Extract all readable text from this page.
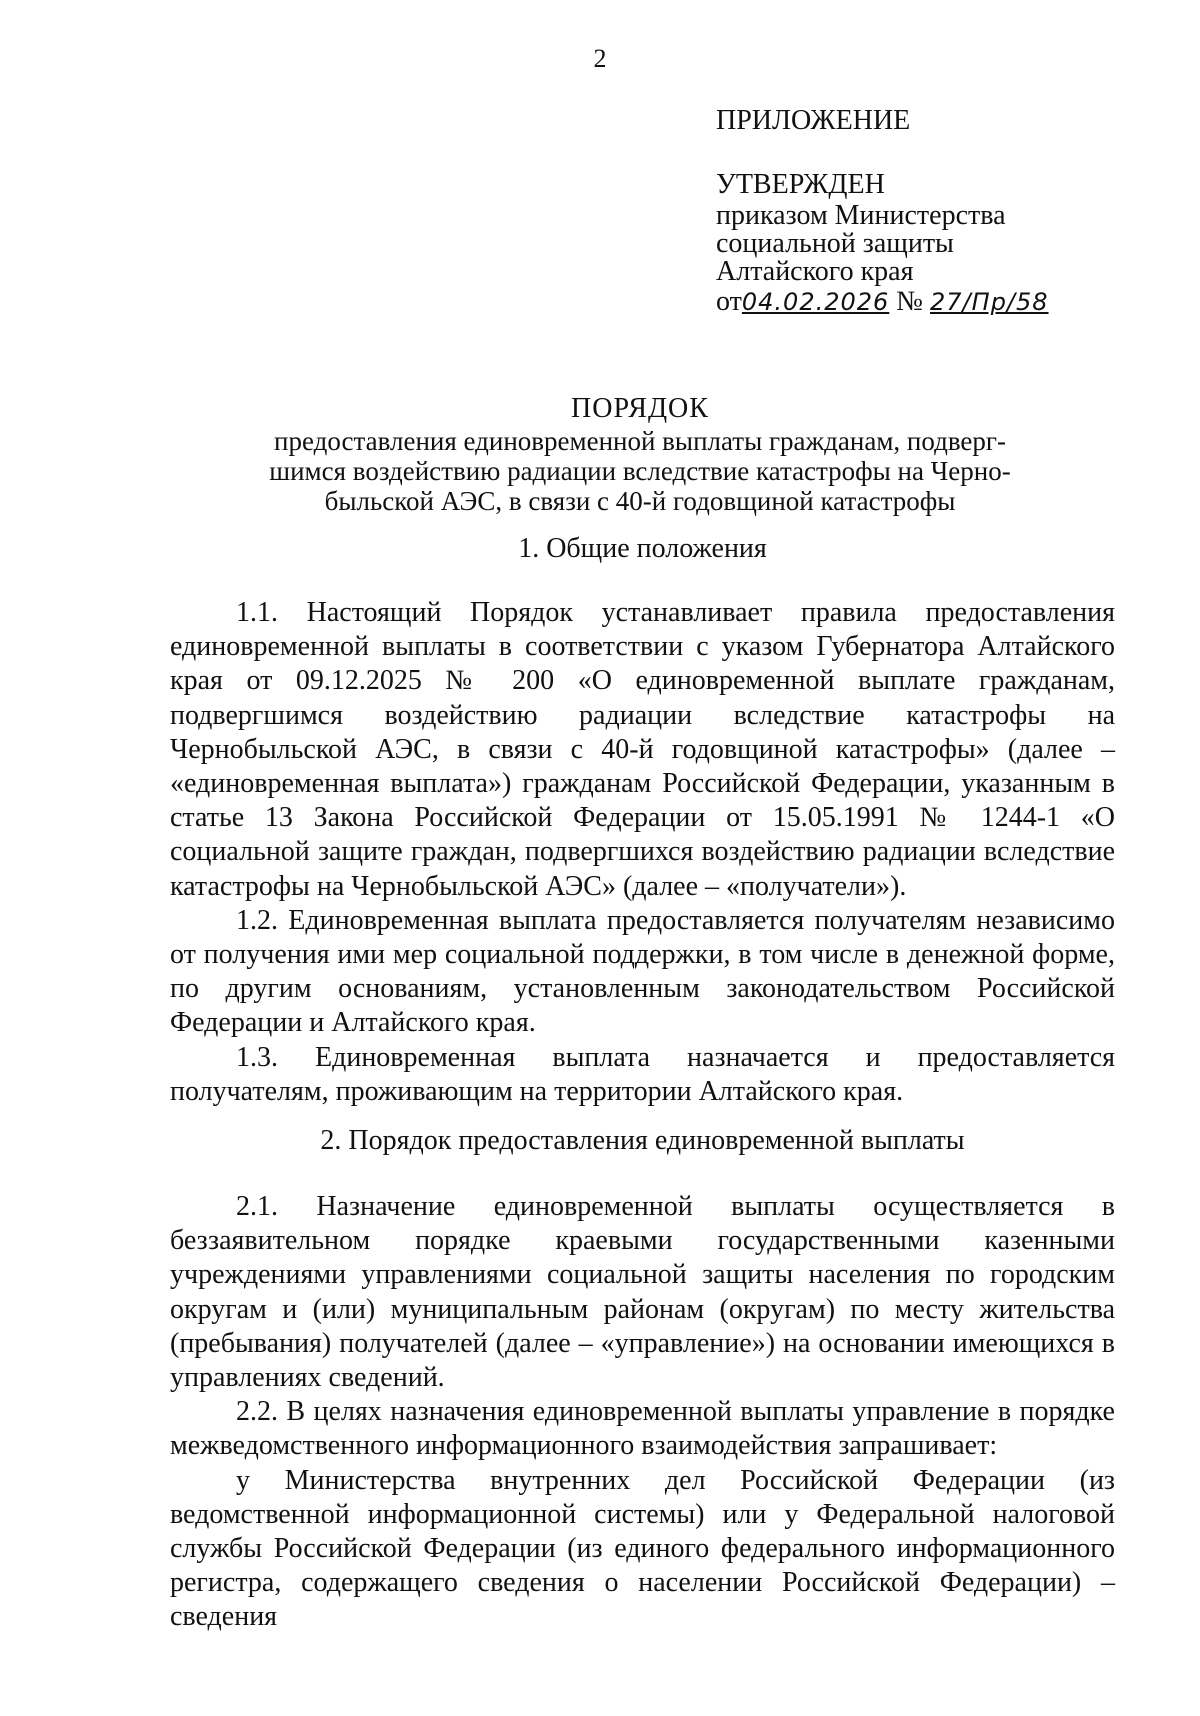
2
ПРИЛОЖЕНИЕ
УТВЕРЖДЕН
приказом Министерства
социальной защиты
Алтайского края
от04.02.2026 № 27/Пр/58
ПОРЯДОК
предоставления единовременной выплаты гражданам, подверг-
шимся воздействию радиации вследствие катастрофы на Черно-
быльской АЭС, в связи с 40-й годовщиной катастрофы
1. Общие положения

1.1. Настоящий Порядок устанавливает правила предоставления единовременной выплаты в соответствии с указом Губернатора Алтайского края от 09.12.2025 № 200 «О единовременной выплате гражданам, подвергшимся воздействию радиации вследствие катастрофы на Чернобыльской АЭС, в связи с 40-й годовщиной катастрофы» (далее – «единовременная выплата») гражданам Российской Федерации, указанным в статье 13 Закона Российской Федерации от 15.05.1991 № 1244-1 «О социальной защите граждан, подвергшихся воздействию радиации вследствие катастрофы на Чернобыльской АЭС» (далее – «получатели»).

1.2. Единовременная выплата предоставляется получателям независимо от получения ими мер социальной поддержки, в том числе в денежной форме, по другим основаниям, установленным законодательством Российской Федерации и Алтайского края.

1.3. Единовременная выплата назначается и предоставляется получателям, проживающим на территории Алтайского края.

2. Порядок предоставления единовременной выплаты

2.1. Назначение единовременной выплаты осуществляется в беззаявительном порядке краевыми государственными казенными учреждениями управлениями социальной защиты населения по городским округам и (или) муниципальным районам (округам) по месту жительства (пребывания) получателей (далее – «управление») на основании имеющихся в управлениях сведений.

2.2. В целях назначения единовременной выплаты управление в порядке межведомственного информационного взаимодействия запрашивает:

у Министерства внутренних дел Российской Федерации (из ведомственной информационной системы) или у Федеральной налоговой службы Российской Федерации (из единого федерального информационного регистра, содержащего сведения о населении Российской Федерации) – сведения
